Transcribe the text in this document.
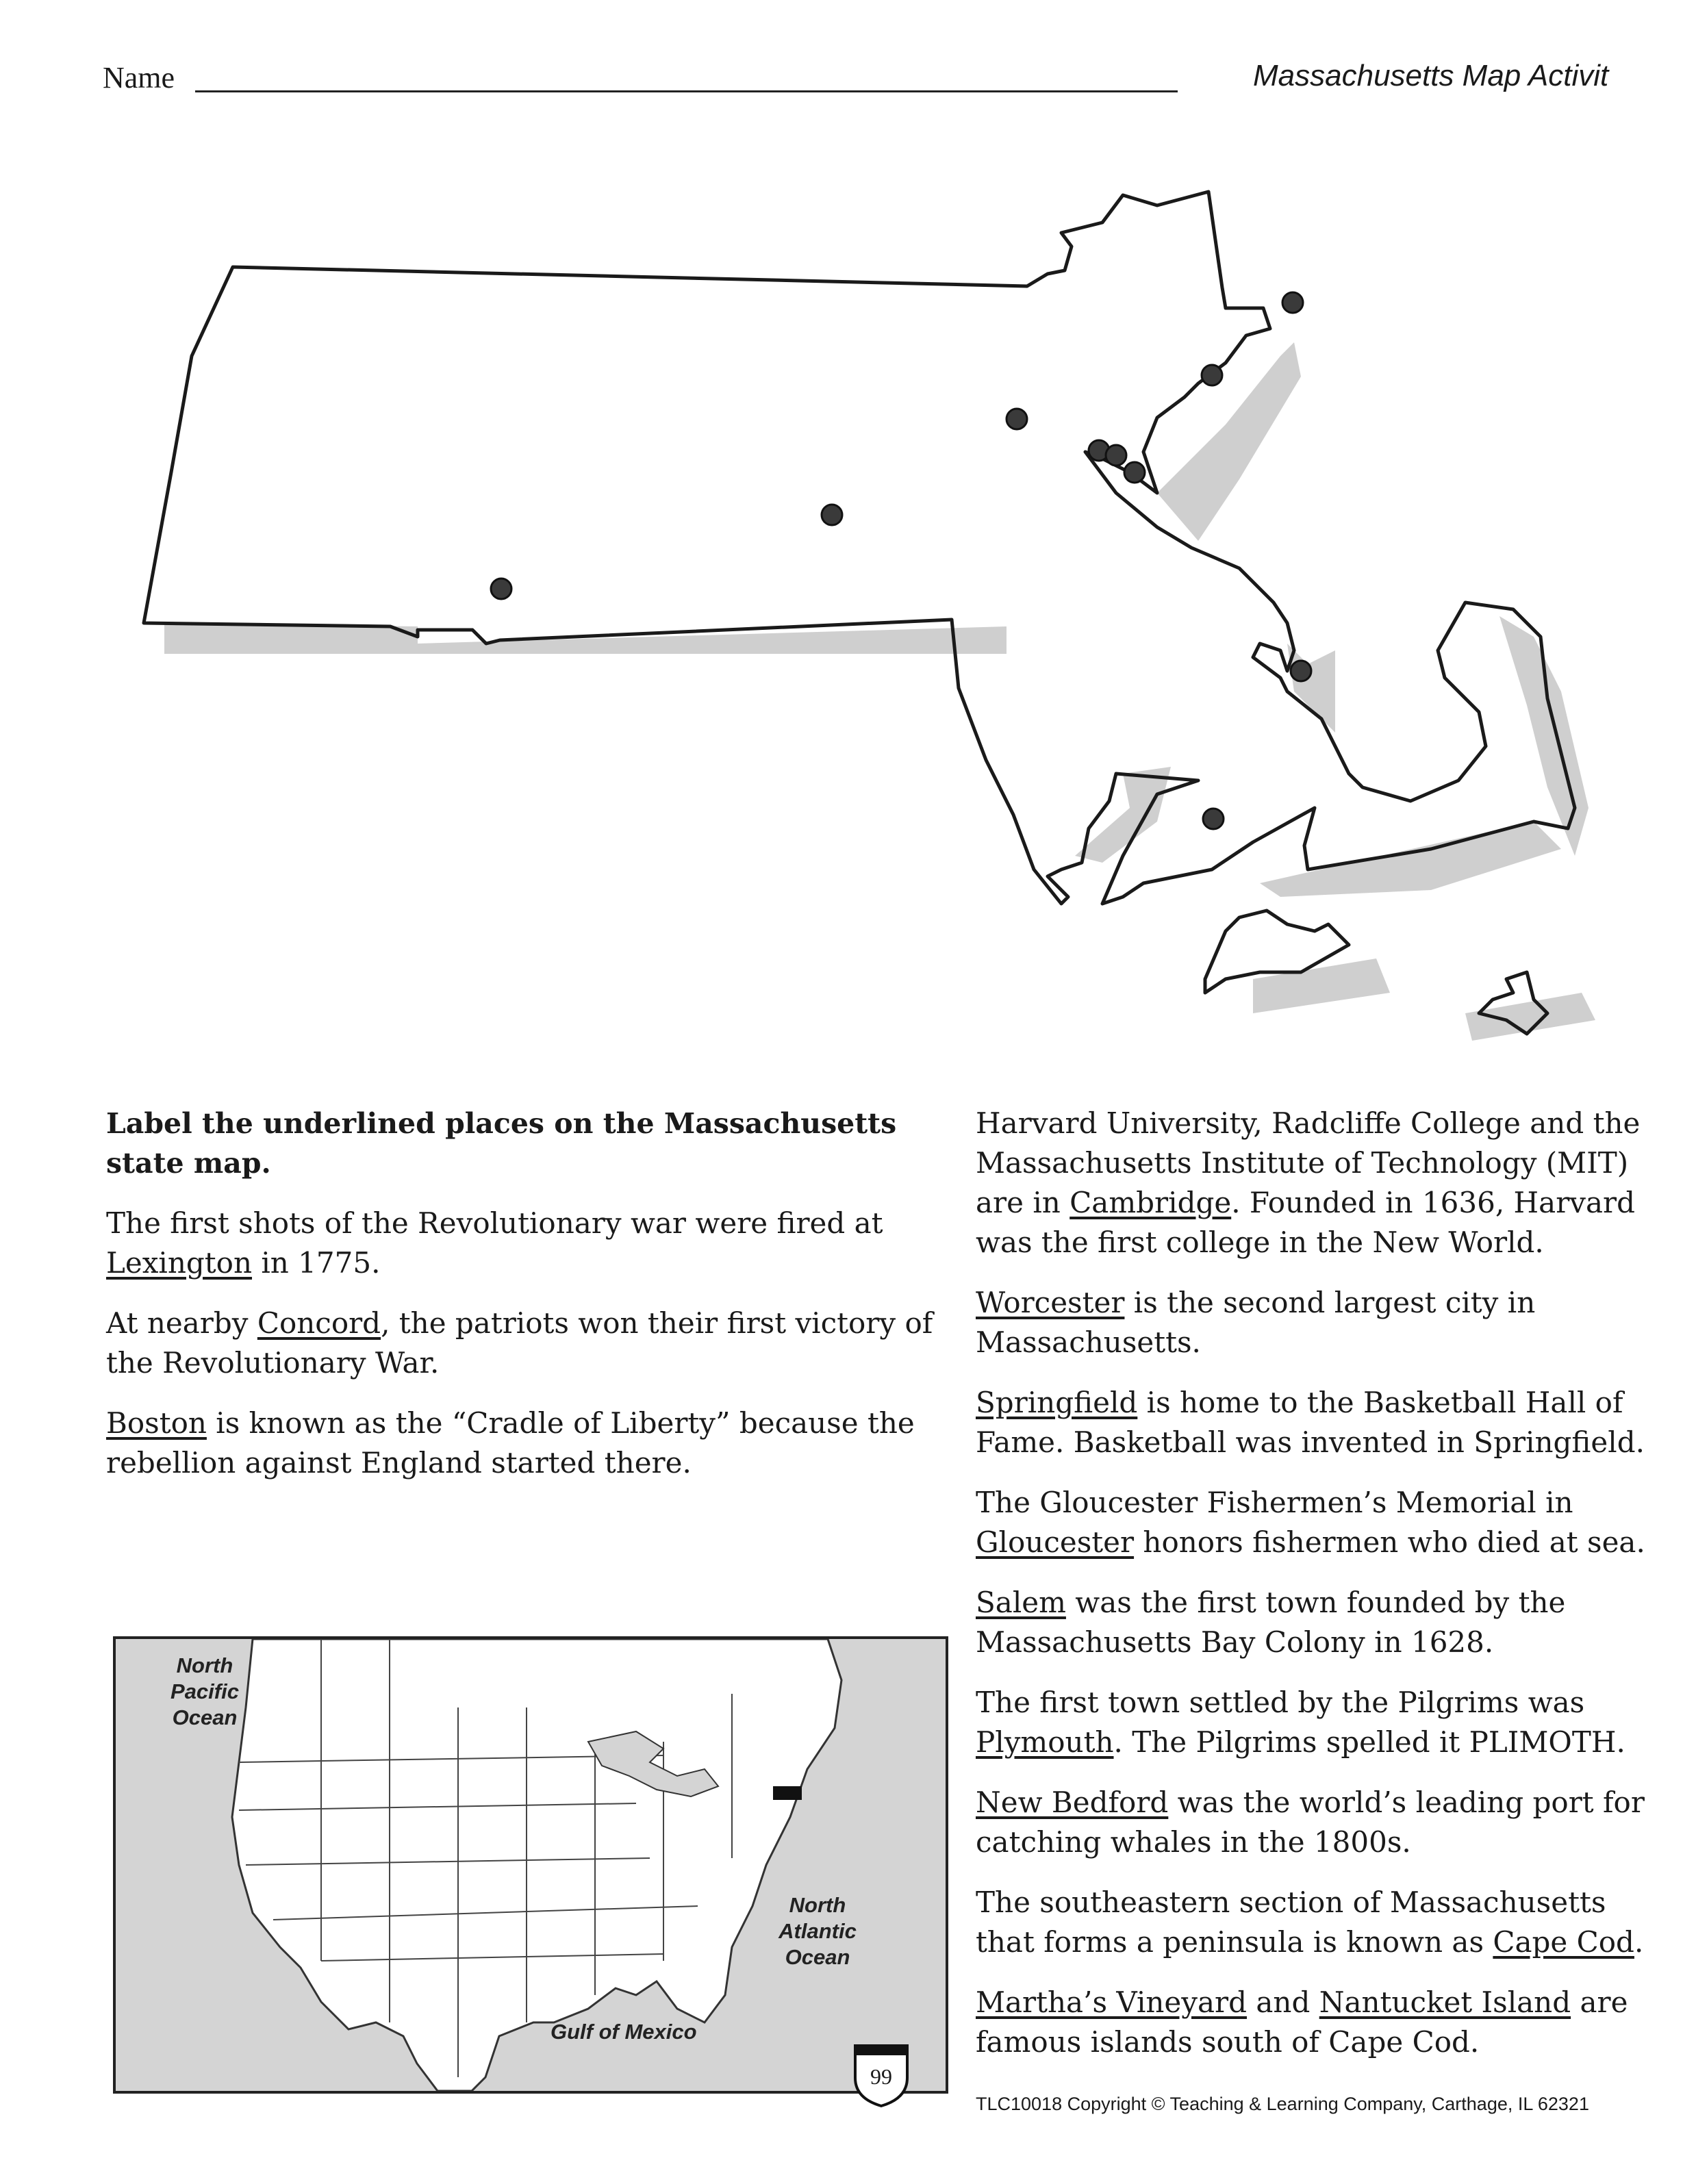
Name	Massachusetts Map Activit

Label the underlined places on the Massachusetts state map.

The first shots of the Revolutionary war were fired at Lexington in 1775.

At nearby Concord, the patriots won their first victory of the Revolutionary War.

Boston is known as the “Cradle of Liberty” because the rebellion against England started there.

Harvard University, Radcliffe College and the Massachusetts Institute of Technology (MIT) are in Cambridge. Founded in 1636, Harvard was the first college in the New World.

Worcester is the second largest city in Massachusetts.

Springfield is home to the Basketball Hall of Fame. Basketball was invented in Springfield.

The Gloucester Fishermen’s Memorial in Gloucester honors fishermen who died at sea.

Salem was the first town founded by the Massachusetts Bay Colony in 1628.

The first town settled by the Pilgrims was Plymouth. The Pilgrims spelled it PLIMOTH.

New Bedford was the world’s leading port for catching whales in the 1800s.

The southeastern section of Massachusetts that forms a peninsula is known as Cape Cod.

Martha’s Vineyard and Nantucket Island are famous islands south of Cape Cod.

North
Pacific
Ocean
North
Atlantic
Ocean
Gulf of Mexico
99
TLC10018 Copyright © Teaching & Learning Company, Carthage, IL 62321
